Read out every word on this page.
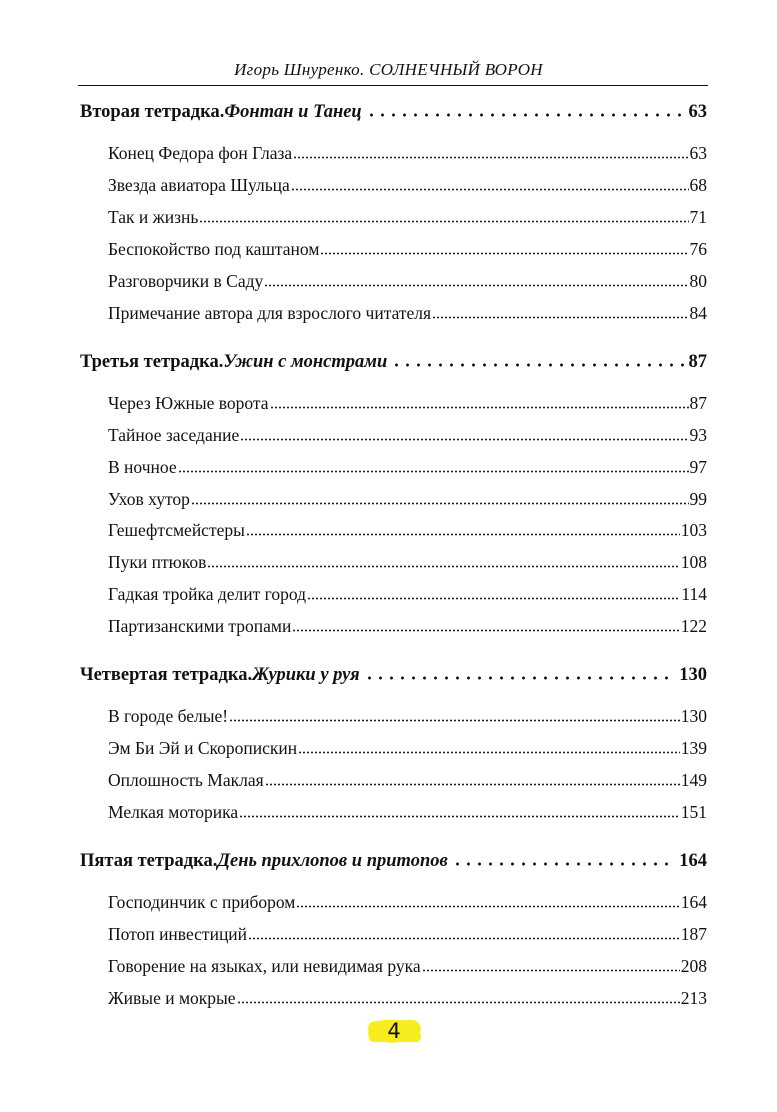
Игорь Шнуренко. СОЛНЕЧНЫЙ ВОРОН
Вторая тетрадка. Фонтан и Танец	63
Конец Федора фон Глаза	63
Звезда авиатора Шульца	68
Так и жизнь	71
Беспокойство под каштаном	76
Разговорчики в Саду	80
Примечание автора для взрослого читателя	84
Третья тетрадка. Ужин с монстрами	87
Через Южные ворота	87
Тайное заседание	93
В ночное	97
Ухов хутор	99
Гешефтсмейстеры	103
Пуки птюков	108
Гадкая тройка делит город	114
Партизанскими тропами	122
Четвертая тетрадка. Журики у руя	130
В городе белые!	130
Эм Би Эй и Скоропискин	139
Оплошность Маклая	149
Мелкая моторика	151
Пятая тетрадка. День прихлопов и притопов	164
Господинчик с прибором	164
Потоп инвестиций	187
Говорение на языках, или невидимая рука	208
Живые и мокрые	213
4
